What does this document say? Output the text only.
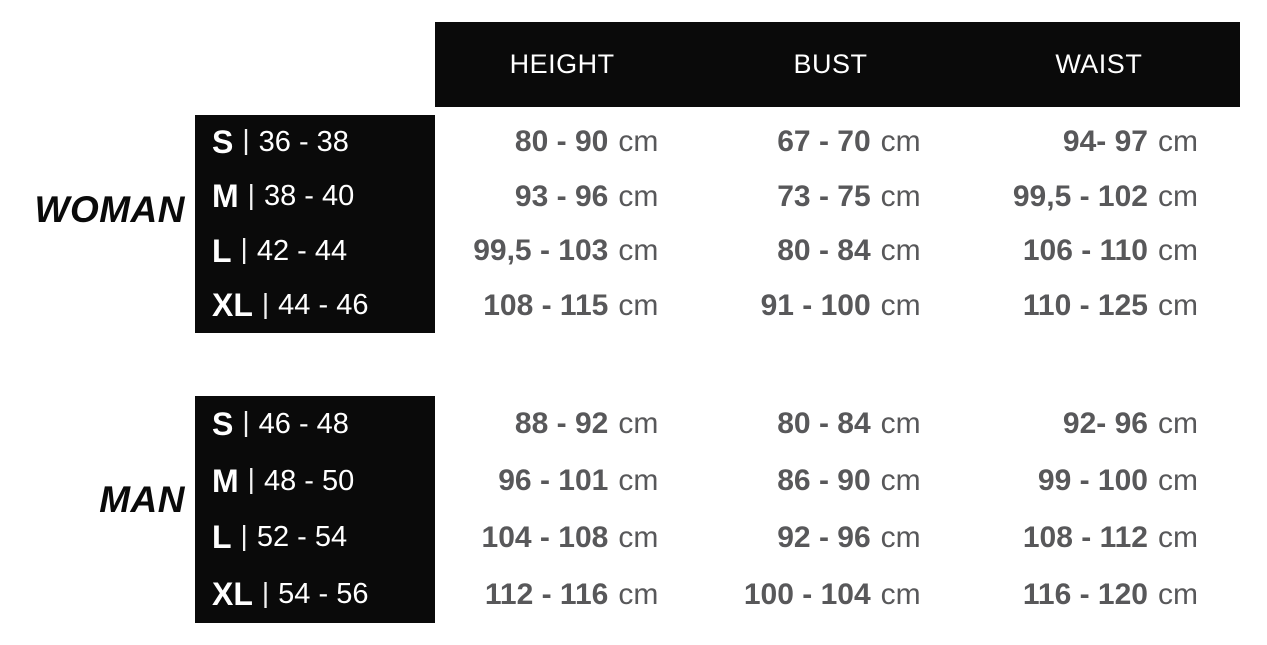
HEIGHT	BUST	WAIST
WOMAN
MAN
S | 36 - 38
M | 38 - 40
L | 42 - 44
XL | 44 - 46
80 - 90 cm
93 - 96 cm
99,5 - 103 cm
108 - 115 cm
67 - 70 cm
73 - 75 cm
80 - 84 cm
91 - 100 cm
94- 97 cm
99,5 - 102 cm
106 - 110 cm
110 - 125 cm
S | 46 - 48
M | 48 - 50
L | 52 - 54
XL | 54 - 56
88 - 92 cm
96 - 101 cm
104 - 108 cm
112 - 116 cm
80 - 84 cm
86 - 90 cm
92 - 96 cm
100 - 104 cm
92- 96 cm
99 - 100 cm
108 - 112 cm
116 - 120 cm
